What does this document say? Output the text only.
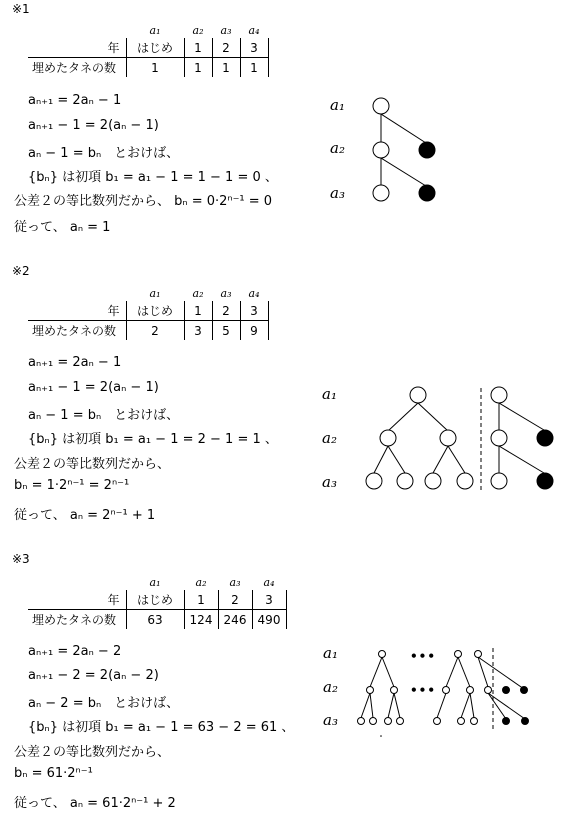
※1
	a₁	a₂	a₃	a₄
年	はじめ	1	2	3
埋めたタネの数	1	1	1	1
aₙ₊₁ = 2aₙ − 1
aₙ₊₁ − 1 = 2(aₙ − 1)
aₙ − 1 = bₙ　とおけば、
{bₙ} は初項 b₁ = a₁ − 1 = 1 − 1 = 0 、
公差２の等比数列だから、 bₙ = 0·2ⁿ⁻¹ = 0
従って、 aₙ = 1
a₁
a₂
a₃
※2
	a₁	a₂	a₃	a₄
年	はじめ	1	2	3
埋めたタネの数	2	3	5	9
aₙ₊₁ = 2aₙ − 1
aₙ₊₁ − 1 = 2(aₙ − 1)
aₙ − 1 = bₙ　とおけば、
{bₙ} は初項 b₁ = a₁ − 1 = 2 − 1 = 1 、
公差２の等比数列だから、
bₙ = 1·2ⁿ⁻¹ = 2ⁿ⁻¹
従って、 aₙ = 2ⁿ⁻¹ + 1
a₁
a₂
a₃
※3
	a₁	a₂	a₃	a₄
年	はじめ	1	2	3
埋めたタネの数	63	124	246	490
aₙ₊₁ = 2aₙ − 2
aₙ₊₁ − 2 = 2(aₙ − 2)
aₙ − 2 = bₙ　とおけば、
{bₙ} は初項 b₁ = a₁ − 1 = 63 − 2 = 61 、
公差２の等比数列だから、
bₙ = 61·2ⁿ⁻¹
従って、 aₙ = 61·2ⁿ⁻¹ + 2
a₁
a₂
a₃
•••
•••
